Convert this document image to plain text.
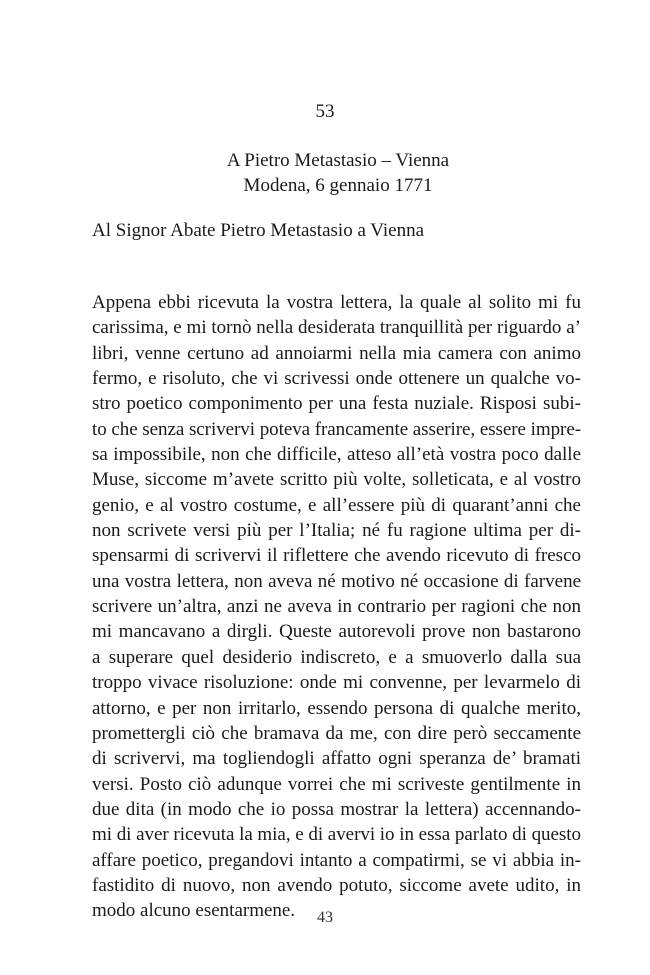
53
A Pietro Metastasio – Vienna
Modena, 6 gennaio 1771
Al Signor Abate Pietro Metastasio a Vienna
Appena ebbi ricevuta la vostra lettera, la quale al solito mi fu
carissima, e mi tornò nella desiderata tranquillità per riguardo a’
libri, venne certuno ad annoiarmi nella mia camera con animo
fermo, e risoluto, che vi scrivessi onde ottenere un qualche vo-
stro poetico componimento per una festa nuziale. Risposi subi-
to che senza scrivervi poteva francamente asserire, essere impre-
sa impossibile, non che difficile, atteso all’età vostra poco dalle
Muse, siccome m’avete scritto più volte, solleticata, e al vostro
genio, e al vostro costume, e all’essere più di quarant’anni che
non scrivete versi più per l’Italia; né fu ragione ultima per di-
spensarmi di scrivervi il riflettere che avendo ricevuto di fresco
una vostra lettera, non aveva né motivo né occasione di farvene
scrivere un’altra, anzi ne aveva in contrario per ragioni che non
mi mancavano a dirgli. Queste autorevoli prove non bastarono
a superare quel desiderio indiscreto, e a smuoverlo dalla sua
troppo vivace risoluzione: onde mi convenne, per levarmelo di
attorno, e per non irritarlo, essendo persona di qualche merito,
promettergli ciò che bramava da me, con dire però seccamente
di scrivervi, ma togliendogli affatto ogni speranza de’ bramati
versi. Posto ciò adunque vorrei che mi scriveste gentilmente in
due dita (in modo che io possa mostrar la lettera) accennando-
mi di aver ricevuta la mia, e di avervi io in essa parlato di questo
affare poetico, pregandovi intanto a compatirmi, se vi abbia in-
fastidito di nuovo, non avendo potuto, siccome avete udito, in
modo alcuno esentarmene.	43
